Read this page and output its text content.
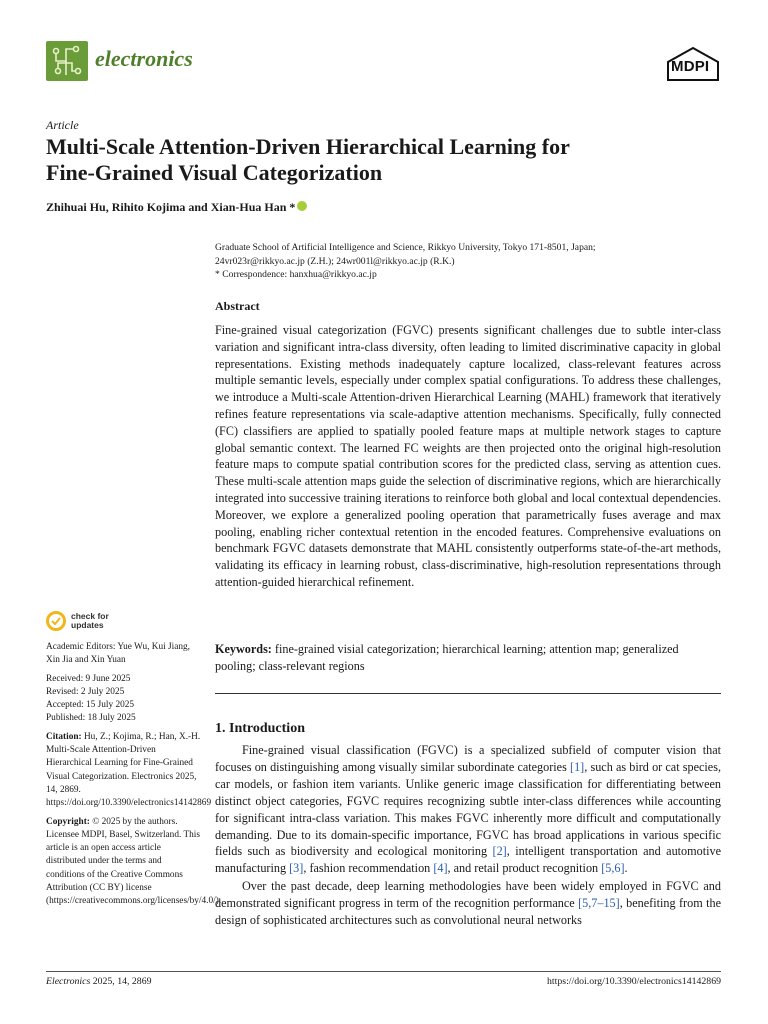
electronics	MDPI
Article
Multi-Scale Attention-Driven Hierarchical Learning for
Fine-Grained Visual Categorization
Zhihuai Hu, Rihito Kojima and Xian-Hua Han *
Graduate School of Artificial Intelligence and Science, Rikkyo University, Tokyo 171-8501, Japan;
24vr023r@rikkyo.ac.jp (Z.H.); 24wr001l@rikkyo.ac.jp (R.K.)
* Correspondence: hanxhua@rikkyo.ac.jp
Abstract
Fine-grained visual categorization (FGVC) presents significant challenges due to subtle inter-class variation and significant intra-class diversity, often leading to limited discriminative capacity in global representations. Existing methods inadequately capture localized, class-relevant features across multiple semantic levels, especially under complex spatial configurations. To address these challenges, we introduce a Multi-scale Attention-driven Hierarchical Learning (MAHL) framework that iteratively refines feature representations via scale-adaptive attention mechanisms. Specifically, fully connected (FC) classifiers are applied to spatially pooled feature maps at multiple network stages to capture global semantic context. The learned FC weights are then projected onto the original high-resolution feature maps to compute spatial contribution scores for the predicted class, serving as attention cues. These multi-scale attention maps guide the selection of discriminative regions, which are hierarchically integrated into successive training iterations to reinforce both global and local contextual dependencies. Moreover, we explore a generalized pooling operation that parametrically fuses average and max pooling, enabling richer contextual retention in the encoded features. Comprehensive evaluations on benchmark FGVC datasets demonstrate that MAHL consistently outperforms state-of-the-art methods, validating its efficacy in learning robust, class-discriminative, high-resolution representations through attention-guided hierarchical refinement.
Keywords: fine-grained visial categorization; hierarchical learning; attention map; generalized pooling; class-relevant regions
check for
updates

Academic Editors: Yue Wu, Kui Jiang, Xin Jia and Xin Yuan

Received: 9 June 2025
Revised: 2 July 2025
Accepted: 15 July 2025

Published: 18 July 2025

Citation: Hu, Z.; Kojima, R.; Han, X.-H. Multi-Scale Attention-Driven Hierarchical Learning for Fine-Grained Visual Categorization. Electronics 2025, 14, 2869. https://doi.org/10.3390/electronics14142869

Copyright: © 2025 by the authors. Licensee MDPI, Basel, Switzerland. This article is an open access article distributed under the terms and conditions of the Creative Commons Attribution (CC BY) license (https://creativecommons.org/licenses/by/4.0/).

1. Introduction

Fine-grained visual classification (FGVC) is a specialized subfield of computer vision that focuses on distinguishing among visually similar subordinate categories [1], such as bird or cat species, car models, or fashion item variants. Unlike generic image classification for differentiating between distinct object categories, FGVC requires recognizing subtle inter-class differences while accounting for significant intra-class variation. This makes FGVC inherently more difficult and computationally demanding. Due to its domain-specific importance, FGVC has broad applications in various specific fields such as biodiversity and ecological monitoring [2], intelligent transportation and automotive manufacturing [3], fashion recommendation [4], and retail product recognition [5,6].

Over the past decade, deep learning methodologies have been widely employed in FGVC and demonstrated significant progress in term of the recognition performance [5,7–15], benefiting from the design of sophisticated architectures such as convolutional neural networks

Electronics 2025, 14, 2869	https://doi.org/10.3390/electronics14142869
